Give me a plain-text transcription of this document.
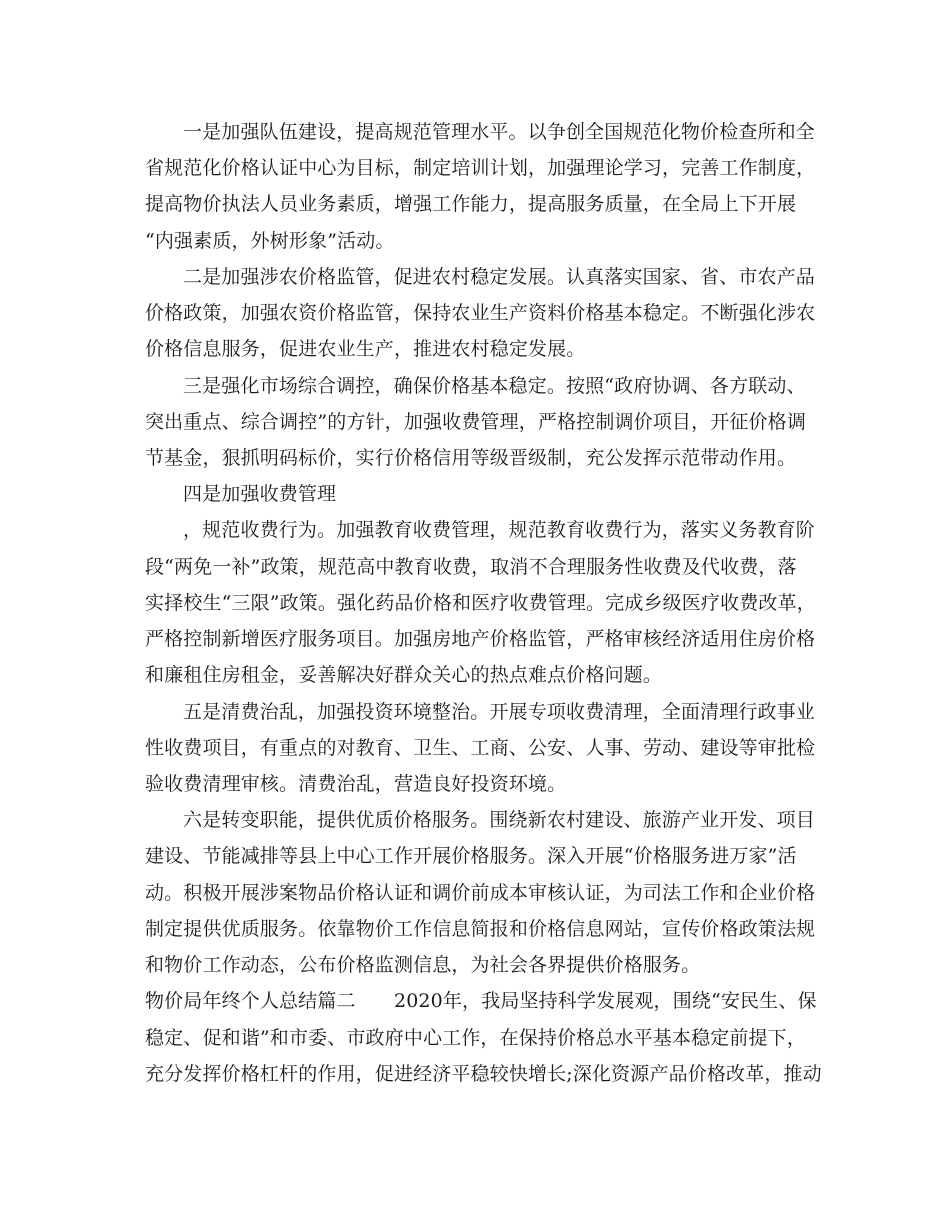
一是加强队伍建设，提高规范管理水平。以争创全国规范化物价检查所和全
省规范化价格认证中心为目标，制定培训计划，加强理论学习，完善工作制度，
提高物价执法人员业务素质，增强工作能力，提高服务质量，在全局上下开展
“内强素质，外树形象”活动。
二是加强涉农价格监管，促进农村稳定发展。认真落实国家、省、市农产品
价格政策，加强农资价格监管，保持农业生产资料价格基本稳定。不断强化涉农
价格信息服务，促进农业生产，推进农村稳定发展。
三是强化市场综合调控，确保价格基本稳定。按照“政府协调、各方联动、
突出重点、综合调控”的方针，加强收费管理，严格控制调价项目，开征价格调
节基金，狠抓明码标价，实行价格信用等级晋级制，充公发挥示范带动作用。
四是加强收费管理
，规范收费行为。加强教育收费管理，规范教育收费行为，落实义务教育阶
段“两免一补”政策，规范高中教育收费，取消不合理服务性收费及代收费，落
实择校生“三限”政策。强化药品价格和医疗收费管理。完成乡级医疗收费改革，
严格控制新增医疗服务项目。加强房地产价格监管，严格审核经济适用住房价格
和廉租住房租金，妥善解决好群众关心的热点难点价格问题。
五是清费治乱，加强投资环境整治。开展专项收费清理，全面清理行政事业
性收费项目，有重点的对教育、卫生、工商、公安、人事、劳动、建设等审批检
验收费清理审核。清费治乱，营造良好投资环境。
六是转变职能，提供优质价格服务。围绕新农村建设、旅游产业开发、项目
建设、节能减排等县上中心工作开展价格服务。深入开展“价格服务进万家”活
动。积极开展涉案物品价格认证和调价前成本审核认证，为司法工作和企业价格
制定提供优质服务。依靠物价工作信息简报和价格信息网站，宣传价格政策法规
和物价工作动态，公布价格监测信息，为社会各界提供价格服务。
物价局年终个人总结篇二　　2020年，我局坚持科学发展观，围绕“安民生、保
稳定、促和谐”和市委、市政府中心工作，在保持价格总水平基本稳定前提下，
充分发挥价格杠杆的作用，促进经济平稳较快增长;深化资源产品价格改革，推动
